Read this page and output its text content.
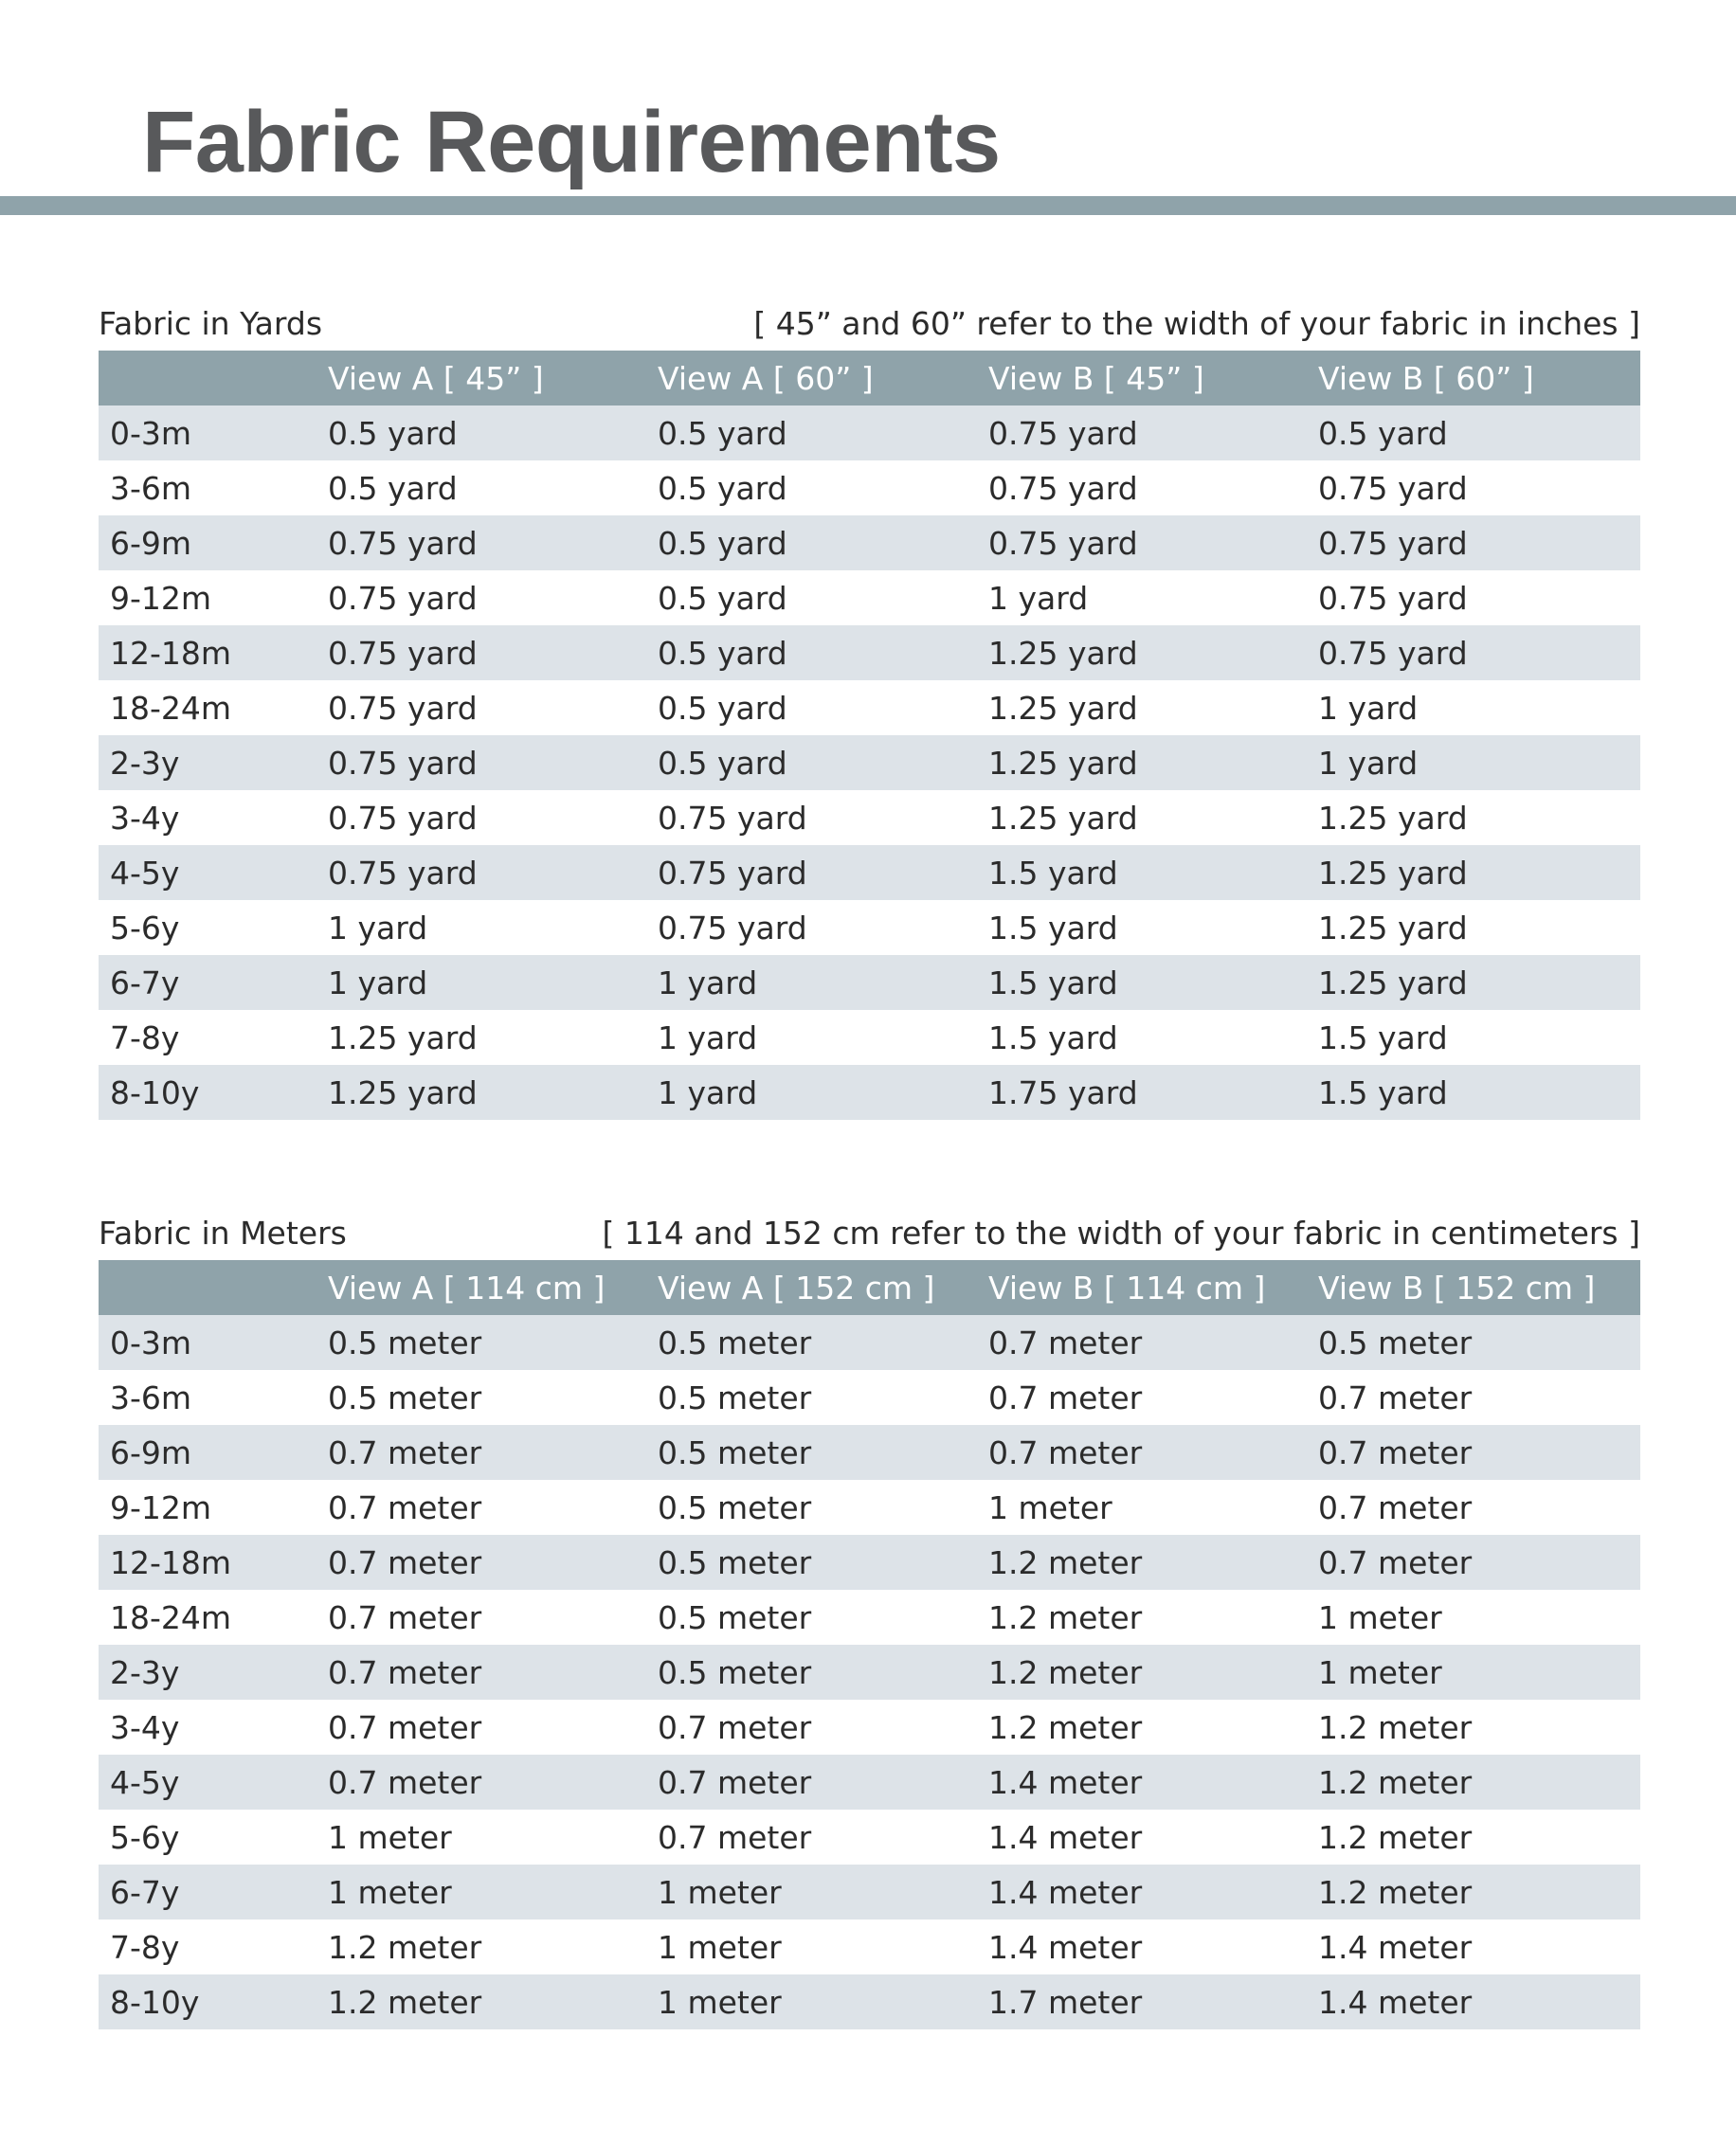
Fabric Requirements
Fabric in Yards	[ 45” and 60” refer to the width of your fabric in inches ]
	View A [ 45” ]	View A [ 60” ]	View B [ 45” ]	View B [ 60” ]
0-3m	0.5 yard	0.5 yard	0.75 yard	0.5 yard
3-6m	0.5 yard	0.5 yard	0.75 yard	0.75 yard
6-9m	0.75 yard	0.5 yard	0.75 yard	0.75 yard
9-12m	0.75 yard	0.5 yard	1 yard	0.75 yard
12-18m	0.75 yard	0.5 yard	1.25 yard	0.75 yard
18-24m	0.75 yard	0.5 yard	1.25 yard	1 yard
2-3y	0.75 yard	0.5 yard	1.25 yard	1 yard
3-4y	0.75 yard	0.75 yard	1.25 yard	1.25 yard
4-5y	0.75 yard	0.75 yard	1.5 yard	1.25 yard
5-6y	1 yard	0.75 yard	1.5 yard	1.25 yard
6-7y	1 yard	1 yard	1.5 yard	1.25 yard
7-8y	1.25 yard	1 yard	1.5 yard	1.5 yard
8-10y	1.25 yard	1 yard	1.75 yard	1.5 yard
Fabric in Meters	[ 114 and 152 cm refer to the width of your fabric in centimeters ]
	View A [ 114 cm ]	View A [ 152 cm ]	View B [ 114 cm ]	View B [ 152 cm ]
0-3m	0.5 meter	0.5 meter	0.7 meter	0.5 meter
3-6m	0.5 meter	0.5 meter	0.7 meter	0.7 meter
6-9m	0.7 meter	0.5 meter	0.7 meter	0.7 meter
9-12m	0.7 meter	0.5 meter	1 meter	0.7 meter
12-18m	0.7 meter	0.5 meter	1.2 meter	0.7 meter
18-24m	0.7 meter	0.5 meter	1.2 meter	1 meter
2-3y	0.7 meter	0.5 meter	1.2 meter	1 meter
3-4y	0.7 meter	0.7 meter	1.2 meter	1.2 meter
4-5y	0.7 meter	0.7 meter	1.4 meter	1.2 meter
5-6y	1 meter	0.7 meter	1.4 meter	1.2 meter
6-7y	1 meter	1 meter	1.4 meter	1.2 meter
7-8y	1.2 meter	1 meter	1.4 meter	1.4 meter
8-10y	1.2 meter	1 meter	1.7 meter	1.4 meter
